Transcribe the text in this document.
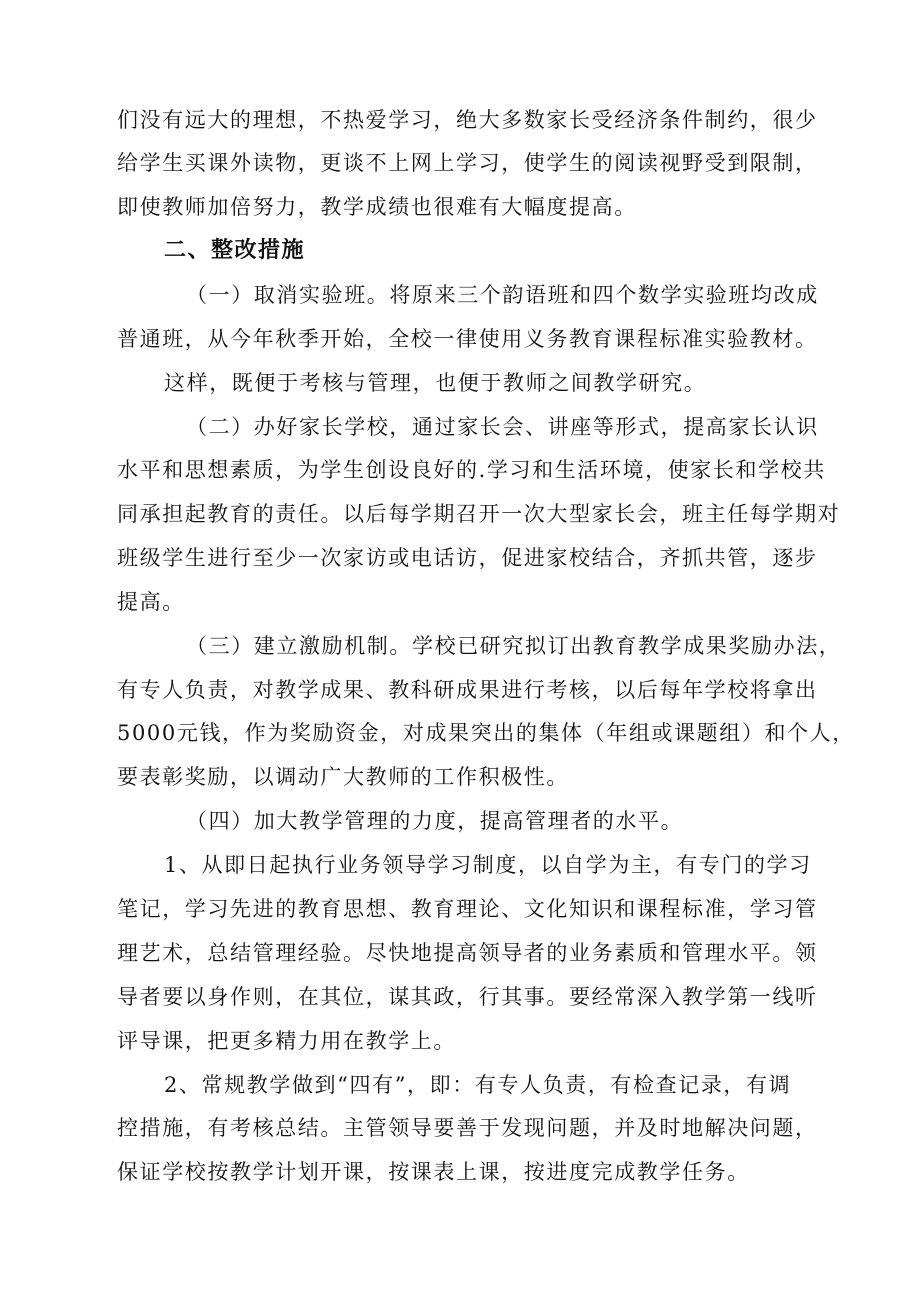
们没有远大的理想，不热爱学习，绝大多数家长受经济条件制约，很少
给学生买课外读物，更谈不上网上学习，使学生的阅读视野受到限制，
即使教师加倍努力，教学成绩也很难有大幅度提高。
二、整改措施
（一）取消实验班。将原来三个韵语班和四个数学实验班均改成
普通班，从今年秋季开始，全校一律使用义务教育课程标准实验教材。
这样，既便于考核与管理，也便于教师之间教学研究。
（二）办好家长学校，通过家长会、讲座等形式，提高家长认识
水平和思想素质，为学生创设良好的.学习和生活环境，使家长和学校共
同承担起教育的责任。以后每学期召开一次大型家长会，班主任每学期对
班级学生进行至少一次家访或电话访，促进家校结合，齐抓共管，逐步
提高。
（三）建立激励机制。学校已研究拟订出教育教学成果奖励办法，
有专人负责，对教学成果、教科研成果进行考核，以后每年学校将拿出
5000元钱，作为奖励资金，对成果突出的集体（年组或课题组）和个人，
要表彰奖励，以调动广大教师的工作积极性。
（四）加大教学管理的力度，提高管理者的水平。
1、从即日起执行业务领导学习制度，以自学为主，有专门的学习
笔记，学习先进的教育思想、教育理论、文化知识和课程标准，学习管
理艺术，总结管理经验。尽快地提高领导者的业务素质和管理水平。领
导者要以身作则，在其位，谋其政，行其事。要经常深入教学第一线听
评导课，把更多精力用在教学上。
2、常规教学做到“四有”，即：有专人负责，有检查记录，有调
控措施，有考核总结。主管领导要善于发现问题，并及时地解决问题，
保证学校按教学计划开课，按课表上课，按进度完成教学任务。
